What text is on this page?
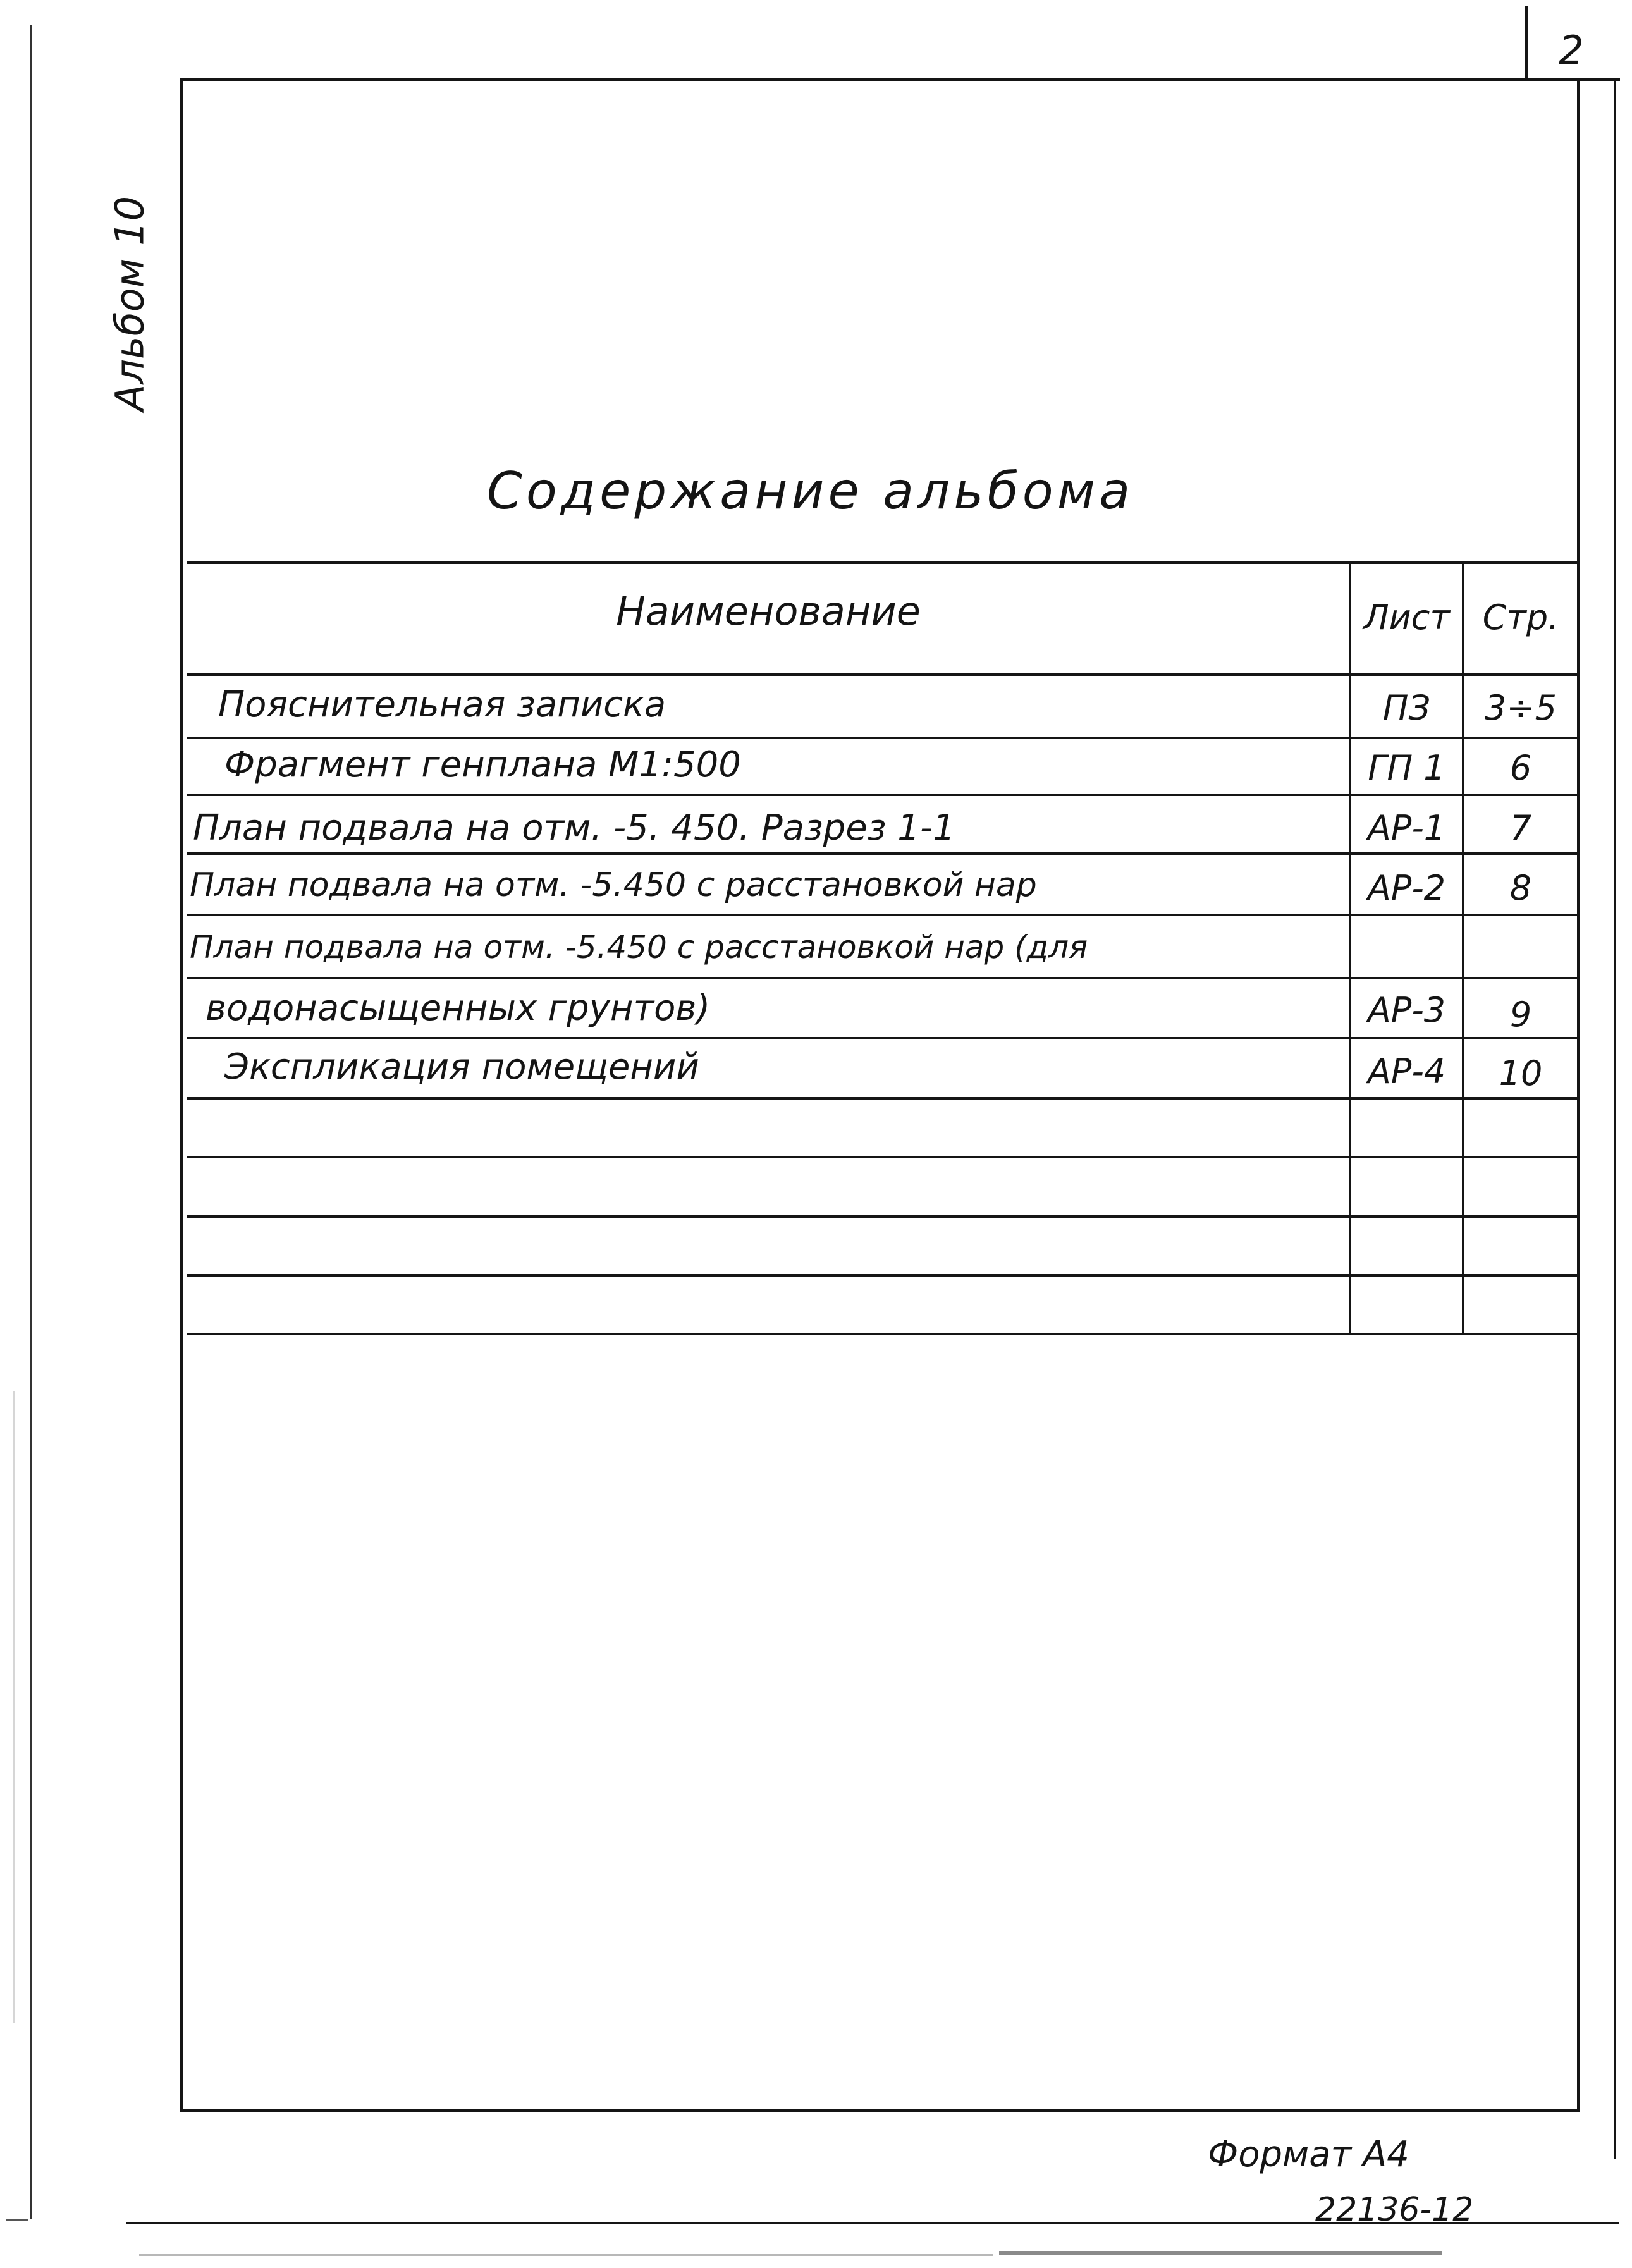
2
Альбом 10
Содержание альбома
Наименование	Лист Стр.
Пояснительная записка	ПЗ	3÷5
Фрагмент генплана М1:500	ГП 1	6
План подвала на отм. -5. 450. Разрез 1-1	АР-1	7
План подвала на отм. -5.450 с расстановкой нар	АР-2	8
План подвала на отм. -5.450 с расстановкой нар (для
водонасыщенных грунтов)	АР-3	9
Экспликация помещений	АР-4	10
Формат А4
22136-12
